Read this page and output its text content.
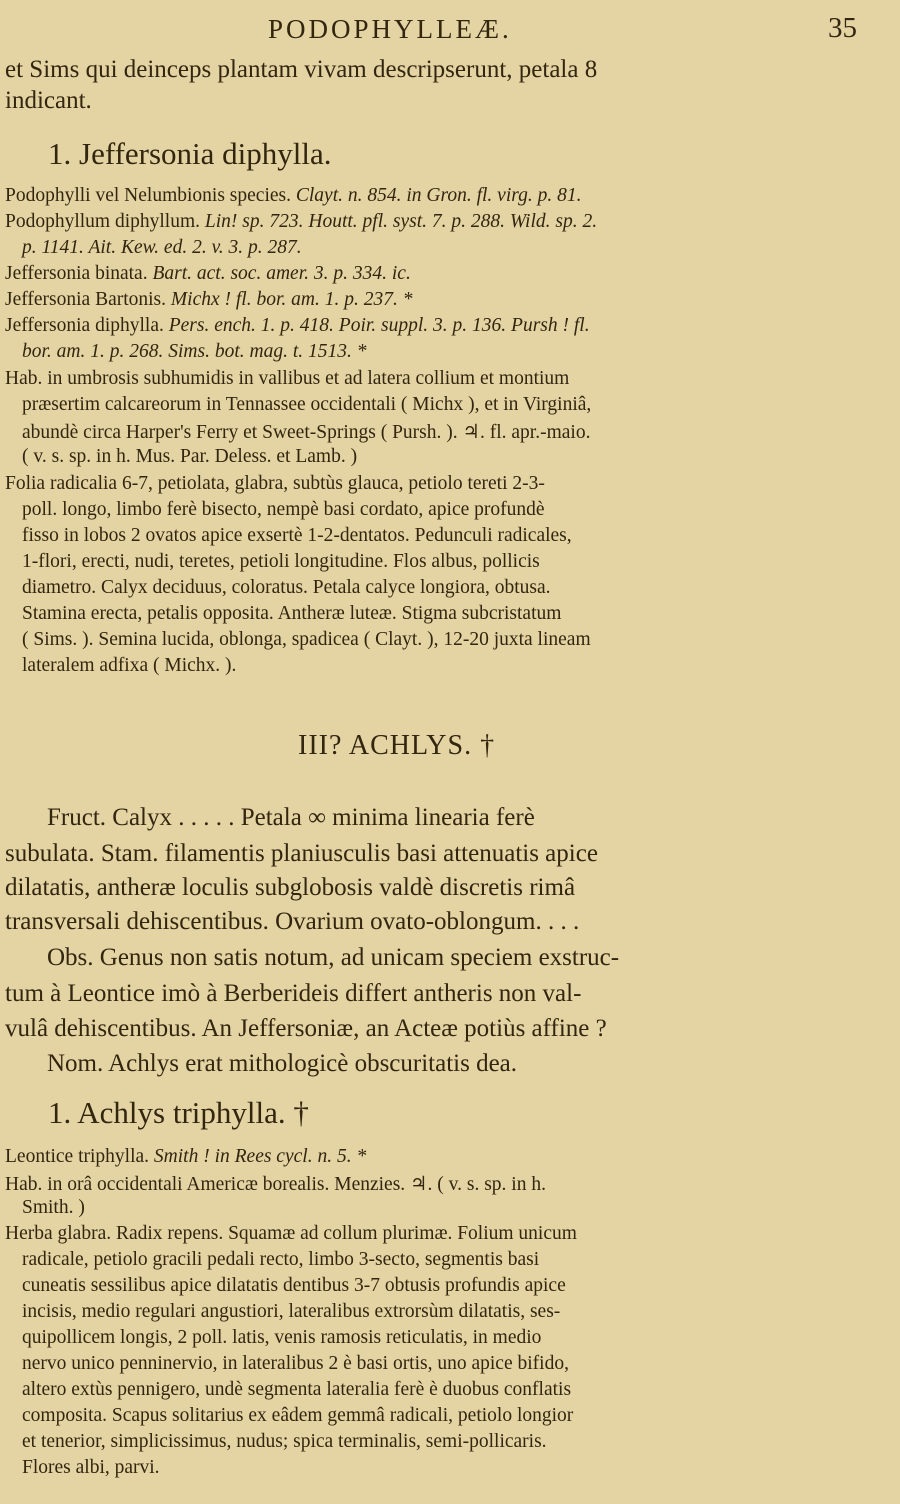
PODOPHYLLEÆ.	35
et Sims qui deinceps plantam vivam descripserunt, petala 8
indicant.
1. Jeffersonia diphylla.
Podophylli vel Nelumbionis species. Clayt. n. 854. in Gron. fl. virg. p. 81.
Podophyllum diphyllum. Lin! sp. 723. Houtt. pfl. syst. 7. p. 288. Wild. sp. 2.
p. 1141. Ait. Kew. ed. 2. v. 3. p. 287.
Jeffersonia binata. Bart. act. soc. amer. 3. p. 334. ic.
Jeffersonia Bartonis. Michx ! fl. bor. am. 1. p. 237. *
Jeffersonia diphylla. Pers. ench. 1. p. 418. Poir. suppl. 3. p. 136. Pursh ! fl.
bor. am. 1. p. 268. Sims. bot. mag. t. 1513. *
Hab. in umbrosis subhumidis in vallibus et ad latera collium et montium
præsertim calcareorum in Tennassee occidentali ( Michx ), et in Virginiâ,
abundè circa Harper's Ferry et Sweet-Springs ( Pursh. ). ♃. fl. apr.-maio.
( v. s. sp. in h. Mus. Par. Deless. et Lamb. )
Folia radicalia 6-7, petiolata, glabra, subtùs glauca, petiolo tereti 2-3-
poll. longo, limbo ferè bisecto, nempè basi cordato, apice profundè
fisso in lobos 2 ovatos apice exsertè 1-2-dentatos. Pedunculi radicales,
1-flori, erecti, nudi, teretes, petioli longitudine. Flos albus, pollicis
diametro. Calyx deciduus, coloratus. Petala calyce longiora, obtusa.
Stamina erecta, petalis opposita. Antheræ luteæ. Stigma subcristatum
( Sims. ). Semina lucida, oblonga, spadicea ( Clayt. ), 12-20 juxta lineam
lateralem adfixa ( Michx. ).
III? ACHLYS. †
Fruct. Calyx . . . . . Petala ∞ minima linearia ferè
subulata. Stam. filamentis planiusculis basi attenuatis apice
dilatatis, antheræ loculis subglobosis valdè discretis rimâ
transversali dehiscentibus. Ovarium ovato-oblongum. . . .
Obs. Genus non satis notum, ad unicam speciem exstruc-
tum à Leontice imò à Berberideis differt antheris non val-
vulâ dehiscentibus. An Jeffersoniæ, an Acteæ potiùs affine ?
Nom. Achlys erat mithologicè obscuritatis dea.
1. Achlys triphylla. †
Leontice triphylla. Smith ! in Rees cycl. n. 5. *
Hab. in orâ occidentali Americæ borealis. Menzies. ♃. ( v. s. sp. in h.
Smith. )
Herba glabra. Radix repens. Squamæ ad collum plurimæ. Folium unicum
radicale, petiolo gracili pedali recto, limbo 3-secto, segmentis basi
cuneatis sessilibus apice dilatatis dentibus 3-7 obtusis profundis apice
incisis, medio regulari angustiori, lateralibus extrorsùm dilatatis, ses-
quipollicem longis, 2 poll. latis, venis ramosis reticulatis, in medio
nervo unico penninervio, in lateralibus 2 è basi ortis, uno apice bifido,
altero extùs pennigero, undè segmenta lateralia ferè è duobus conflatis
composita. Scapus solitarius ex eâdem gemmâ radicali, petiolo longior
et tenerior, simplicissimus, nudus; spica terminalis, semi-pollicaris.
Flores albi, parvi.
